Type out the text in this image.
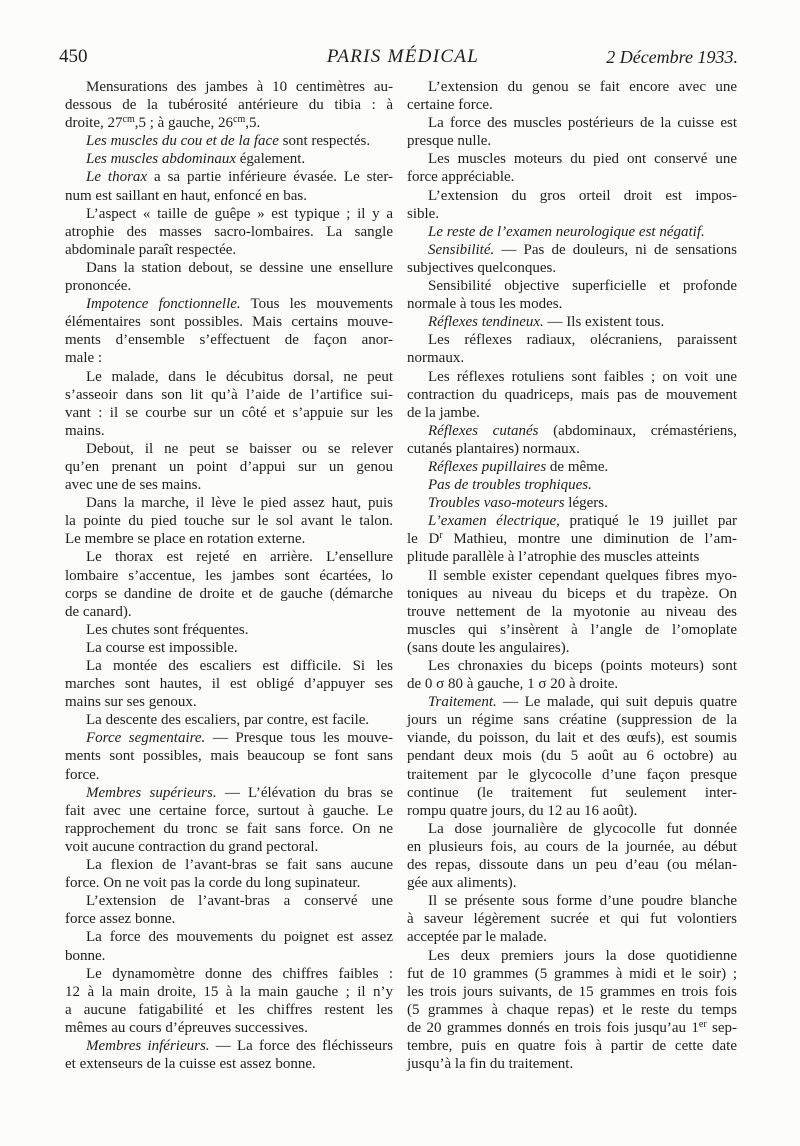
450	PARIS MÉDICAL	2 Décembre 1933.
Mensurations des jambes à 10 centimètres au-
dessous de la tubérosité antérieure du tibia : à
droite, $27^{cm},5$ ; à gauche, $26^{cm},5$.
Les muscles du cou et de la face sont respectés.
Les muscles abdominaux également.
Le thorax a sa partie inférieure évasée. Le ster-
num est saillant en haut, enfoncé en bas.
L’aspect « taille de guêpe » est typique ; il y a
atrophie des masses sacro-lombaires. La sangle
abdominale paraît respectée.
Dans la station debout, se dessine une ensellure
prononcée.
Impotence fonctionnelle. Tous les mouvements
élémentaires sont possibles. Mais certains mouve-
ments d’ensemble s’effectuent de façon anor-
male :
Le malade, dans le décubitus dorsal, ne peut
s’asseoir dans son lit qu’à l’aide de l’artifice sui-
vant : il se courbe sur un côté et s’appuie sur les
mains.
Debout, il ne peut se baisser ou se relever
qu’en prenant un point d’appui sur un genou
avec une de ses mains.
Dans la marche, il lève le pied assez haut, puis
la pointe du pied touche sur le sol avant le talon.
Le membre se place en rotation externe.
Le thorax est rejeté en arrière. L’ensellure
lombaire s’accentue, les jambes sont écartées, lo
corps se dandine de droite et de gauche (démarche
de canard).
Les chutes sont fréquentes.
La course est impossible.
La montée des escaliers est difficile. Si les
marches sont hautes, il est obligé d’appuyer ses
mains sur ses genoux.
La descente des escaliers, par contre, est facile.
Force segmentaire. — Presque tous les mouve-
ments sont possibles, mais beaucoup se font sans
force.
Membres supérieurs. — L’élévation du bras se
fait avec une certaine force, surtout à gauche. Le
rapprochement du tronc se fait sans force. On ne
voit aucune contraction du grand pectoral.
La flexion de l’avant-bras se fait sans aucune
force. On ne voit pas la corde du long supinateur.
L’extension de l’avant-bras a conservé une
force assez bonne.
La force des mouvements du poignet est assez
bonne.
Le dynamomètre donne des chiffres faibles :
12 à la main droite, 15 à la main gauche ; il n’y
a aucune fatigabilité et les chiffres restent les
mêmes au cours d’épreuves successives.
Membres inférieurs. — La force des fléchisseurs
et extenseurs de la cuisse est assez bonne.
L’extension du genou se fait encore avec une
certaine force.
La force des muscles postérieurs de la cuisse est
presque nulle.
Les muscles moteurs du pied ont conservé une
force appréciable.
L’extension du gros orteil droit est impos-
sible.
Le reste de l’examen neurologique est négatif.
Sensibilité. — Pas de douleurs, ni de sensations
subjectives quelconques.
Sensibilité objective superficielle et profonde
normale à tous les modes.
Réflexes tendineux. — Ils existent tous.
Les réflexes radiaux, olécraniens, paraissent
normaux.
Les réflexes rotuliens sont faibles ; on voit une
contraction du quadriceps, mais pas de mouvement
de la jambe.
Réflexes cutanés (abdominaux, crémastériens,
cutanés plantaires) normaux.
Réflexes pupillaires de même.
Pas de troubles trophiques.
Troubles vaso-moteurs légers.
L’examen électrique, pratiqué le 19 juillet par
le $D^r$ Mathieu, montre une diminution de l’am-
plitude parallèle à l’atrophie des muscles atteints
Il semble exister cependant quelques fibres myo-
toniques au niveau du biceps et du trapèze. On
trouve nettement de la myotonie au niveau des
muscles qui s’insèrent à l’angle de l’omoplate
(sans doute les angulaires).
Les chronaxies du biceps (points moteurs) sont
de 0 σ 80 à gauche, 1 σ 20 à droite.
Traitement. — Le malade, qui suit depuis quatre
jours un régime sans créatine (suppression de la
viande, du poisson, du lait et des œufs), est soumis
pendant deux mois (du 5 août au 6 octobre) au
traitement par le glycocolle d’une façon presque
continue (le traitement fut seulement inter-
rompu quatre jours, du 12 au 16 août).
La dose journalière de glycocolle fut donnée
en plusieurs fois, au cours de la journée, au début
des repas, dissoute dans un peu d’eau (ou mélan-
gée aux aliments).
Il se présente sous forme d’une poudre blanche
à saveur légèrement sucrée et qui fut volontiers
acceptée par le malade.
Les deux premiers jours la dose quotidienne
fut de 10 grammes (5 grammes à midi et le soir) ;
les trois jours suivants, de 15 grammes en trois fois
(5 grammes à chaque repas) et le reste du temps
de 20 grammes donnés en trois fois jusqu’au 1er sep-
tembre, puis en quatre fois à partir de cette date
jusqu’à la fin du traitement.
